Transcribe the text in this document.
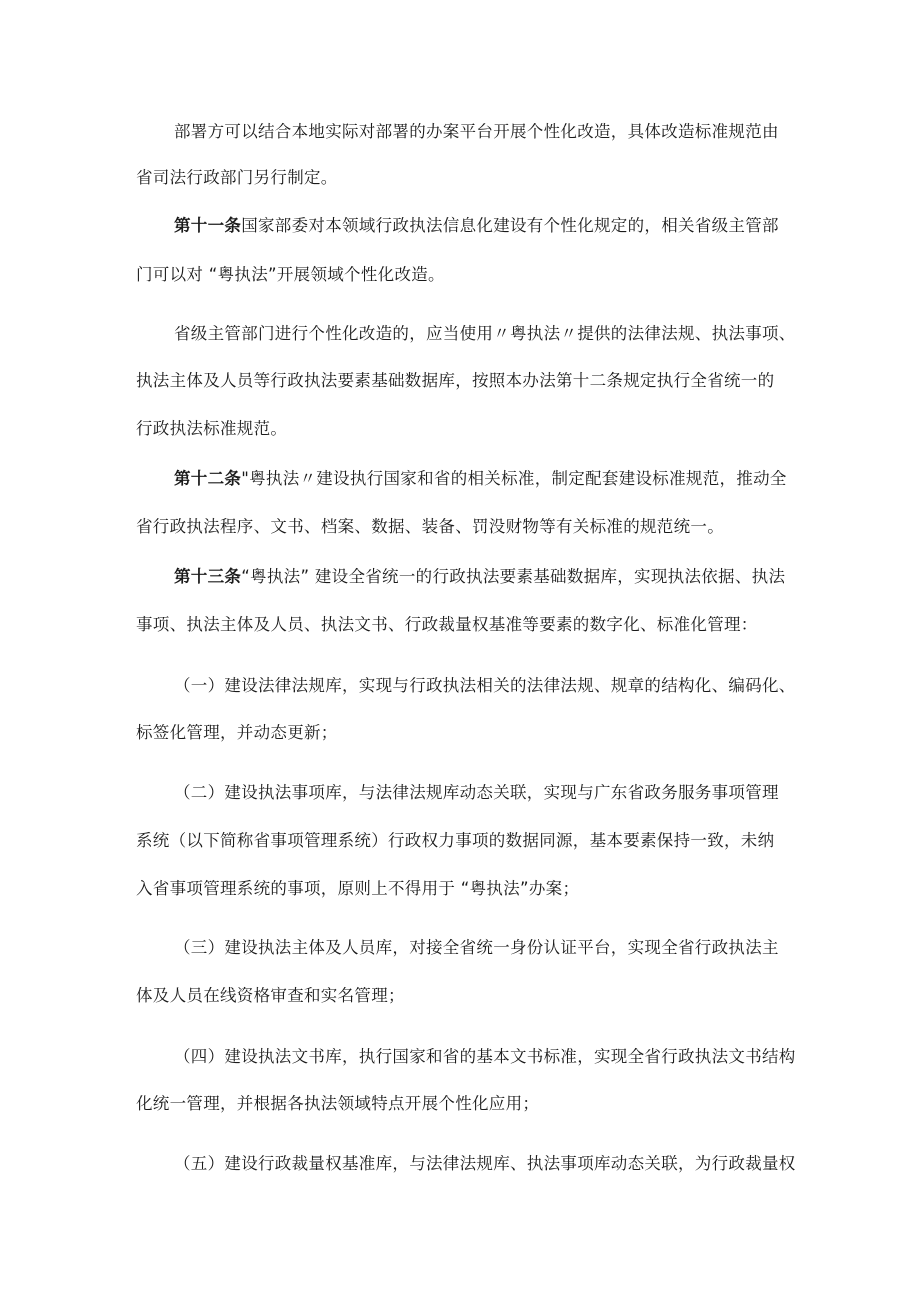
部署方可以结合本地实际对部署的办案平台开展个性化改造，具体改造标准规范由
省司法行政部门另行制定。
第十一条国家部委对本领域行政执法信息化建设有个性化规定的，相关省级主管部
门可以对 “粤执法”开展领域个性化改造。
省级主管部门进行个性化改造的，应当使用〃粤执法〃提供的法律法规、执法事项、
执法主体及人员等行政执法要素基础数据库，按照本办法第十二条规定执行全省统一的
行政执法标准规范。
第十二条"粤执法〃建设执行国家和省的相关标准，制定配套建设标准规范，推动全
省行政执法程序、文书、档案、数据、装备、罚没财物等有关标准的规范统一。
第十三条“粤执法” 建设全省统一的行政执法要素基础数据库，实现执法依据、执法
事项、执法主体及人员、执法文书、行政裁量权基准等要素的数字化、标准化管理：
（一）建设法律法规库，实现与行政执法相关的法律法规、规章的结构化、编码化、
标签化管理，并动态更新；
（二）建设执法事项库，与法律法规库动态关联，实现与广东省政务服务事项管理
系统（以下简称省事项管理系统）行政权力事项的数据同源，基本要素保持一致，未纳
入省事项管理系统的事项，原则上不得用于 “粤执法”办案；
（三）建设执法主体及人员库，对接全省统一身份认证平台，实现全省行政执法主
体及人员在线资格审查和实名管理；
（四）建设执法文书库，执行国家和省的基本文书标准，实现全省行政执法文书结构
化统一管理，并根据各执法领域特点开展个性化应用；
（五）建设行政裁量权基准库，与法律法规库、执法事项库动态关联，为行政裁量权
